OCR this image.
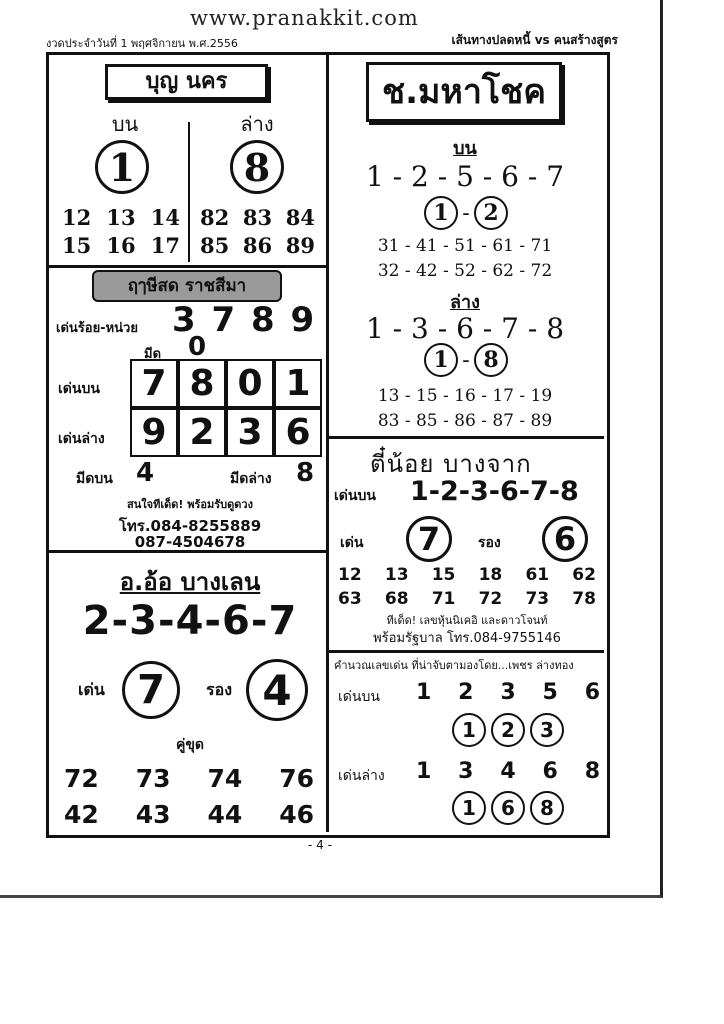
www.pranakkit.com
งวดประจำวันที่ 1 พฤศจิกายน พ.ศ.2556	เส้นทางปลดหนี้ vs คนสร้างสูตร
บุญ นคร
บน	ล่าง
1	8
12 13 14
15 16 17
82 83 84
85 86 89
ฤๅษีสด ราชสีมา
เด่นร้อย-หน่วย 3 7 8 9
มีด 0
เด่นบน
เด่นล่าง
7 8 0 1
9 2 3 6
มีดบน 4	มีดล่าง 8
สนใจทีเด็ด! พร้อมรับดูดวง
โทร.084-8255889
087-4504678
อ.อ้อ บางเลน
2-3-4-6-7
เด่น 7	รอง 4
คู่ขุด
72 73 74 76
42 43 44 46
ช.มหาโชค
บน
1 - 2 - 5 - 6 - 7
1 - 2
31 - 41 - 51 - 61 - 71
32 - 42 - 52 - 62 - 72
ล่าง
1 - 3 - 6 - 7 - 8
1 - 8
13 - 15 - 16 - 17 - 19
83 - 85 - 86 - 87 - 89
ตี๋น้อย บางจาก
เด่นบน 1-2-3-6-7-8
เด่น 7	รอง 6
12 13 15 18 61 62
63 68 71 72 73 78
ทีเด็ด! เลขหุ้นนิเคอิ และดาวโจนท์
พร้อมรัฐบาล โทร.084-9755146
คำนวณเลขเด่น ที่น่าจับตามองโดย...เพชร ล่างทอง
เด่นบน 1 2 3 5 6
1 2 3
เด่นล่าง 1 3 4 6 8
1 6 8
- 4 -
